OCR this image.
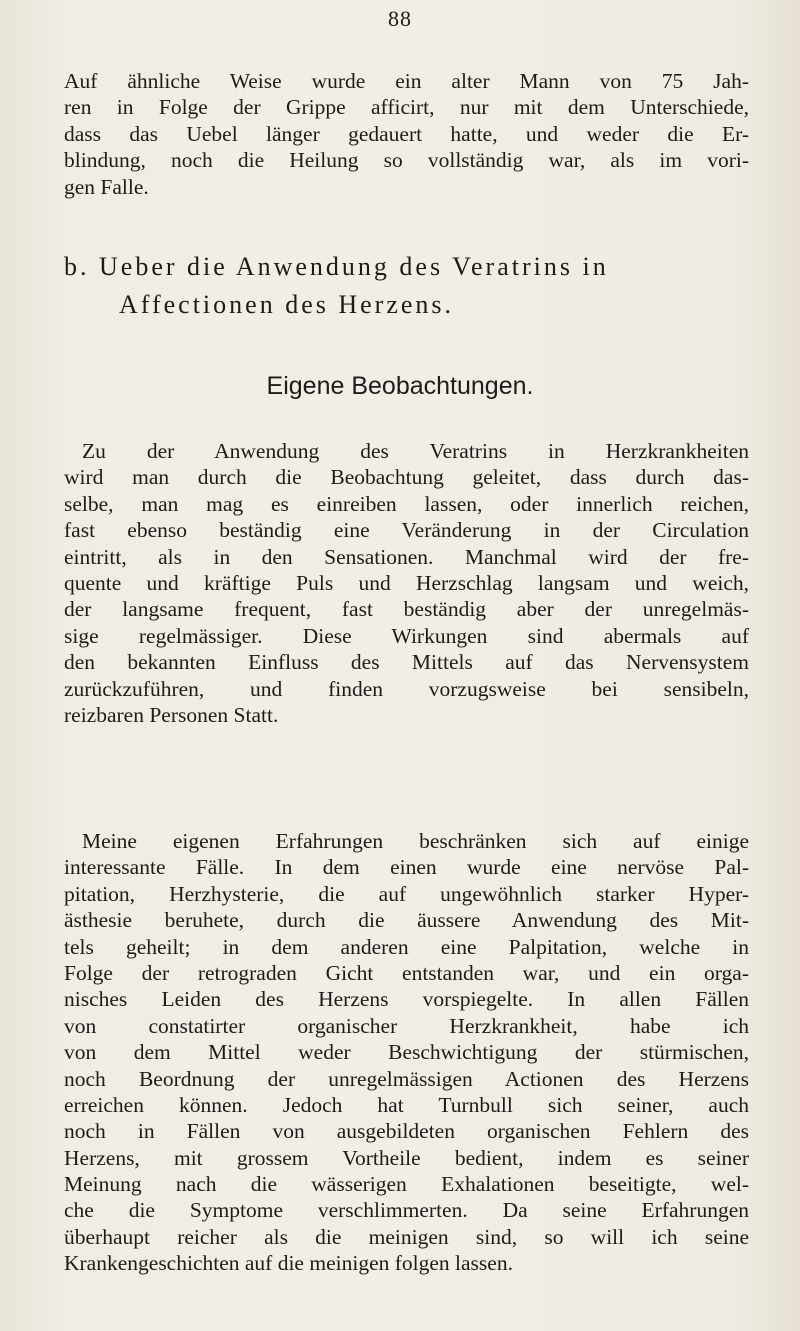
88
Auf ähnliche Weise wurde ein alter Mann von 75 Jah-
ren in Folge der Grippe afficirt, nur mit dem Unterschiede,
dass das Uebel länger gedauert hatte, und weder die Er-
blindung, noch die Heilung so vollständig war, als im vori-
gen Falle.
b. Ueber die Anwendung des Veratrins in
Affectionen des Herzens.
Eigene Beobachtungen.
Zu der Anwendung des Veratrins in Herzkrankheiten
wird man durch die Beobachtung geleitet, dass durch das-
selbe, man mag es einreiben lassen, oder innerlich reichen,
fast ebenso beständig eine Veränderung in der Circulation
eintritt, als in den Sensationen. Manchmal wird der fre-
quente und kräftige Puls und Herzschlag langsam und weich,
der langsame frequent, fast beständig aber der unregelmäs-
sige regelmässiger. Diese Wirkungen sind abermals auf
den bekannten Einfluss des Mittels auf das Nervensystem
zurückzuführen, und finden vorzugsweise bei sensibeln,
reizbaren Personen Statt.
Meine eigenen Erfahrungen beschränken sich auf einige
interessante Fälle. In dem einen wurde eine nervöse Pal-
pitation, Herzhysterie, die auf ungewöhnlich starker Hyper-
ästhesie beruhete, durch die äussere Anwendung des Mit-
tels geheilt; in dem anderen eine Palpitation, welche in
Folge der retrograden Gicht entstanden war, und ein orga-
nisches Leiden des Herzens vorspiegelte. In allen Fällen
von constatirter organischer Herzkrankheit, habe ich
von dem Mittel weder Beschwichtigung der stürmischen,
noch Beordnung der unregelmässigen Actionen des Herzens
erreichen können. Jedoch hat Turnbull sich seiner, auch
noch in Fällen von ausgebildeten organischen Fehlern des
Herzens, mit grossem Vortheile bedient, indem es seiner
Meinung nach die wässerigen Exhalationen beseitigte, wel-
che die Symptome verschlimmerten. Da seine Erfahrungen
überhaupt reicher als die meinigen sind, so will ich seine
Krankengeschichten auf die meinigen folgen lassen.
